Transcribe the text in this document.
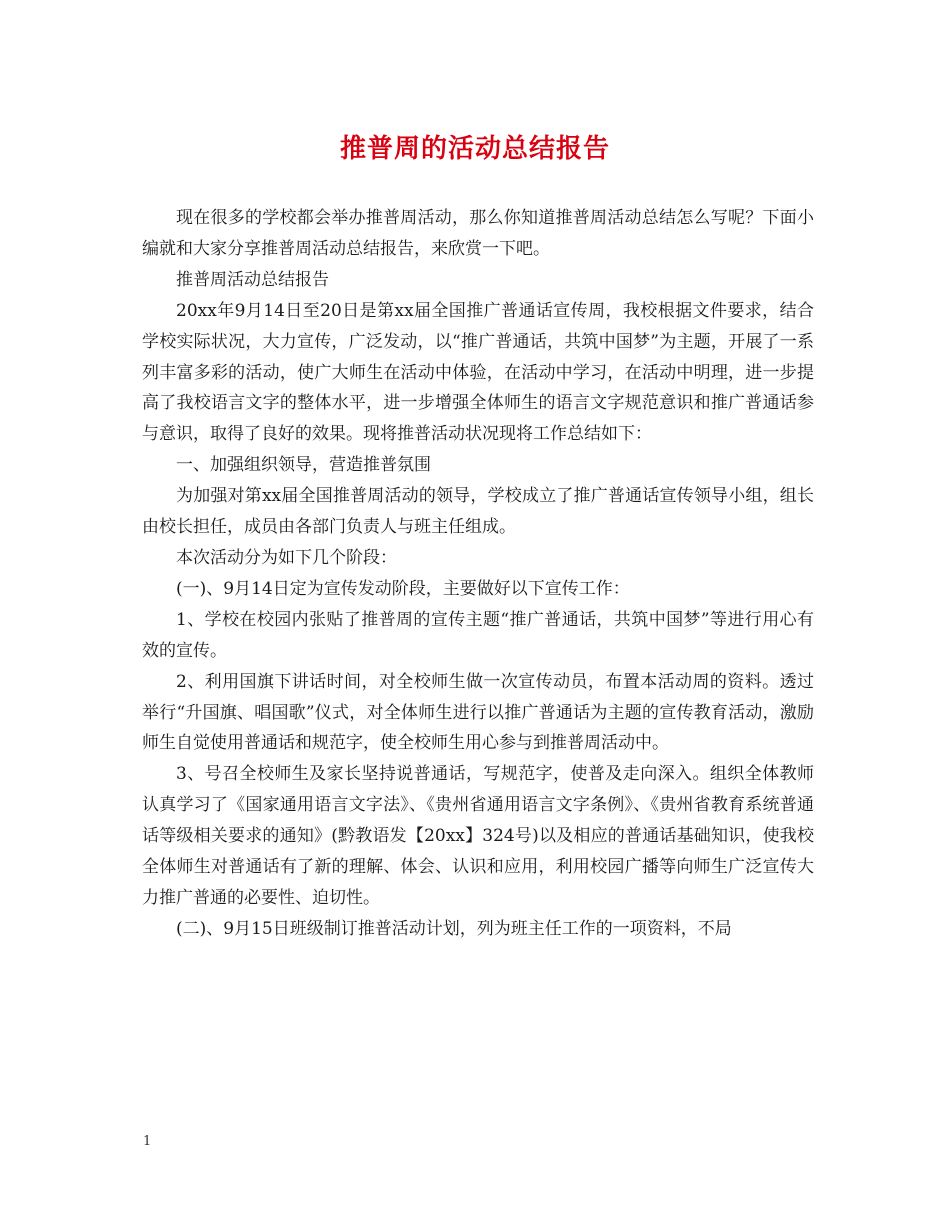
推普周的活动总结报告

现在很多的学校都会举办推普周活动，那么你知道推普周活动总结怎么写呢？下面小编就和大家分享推普周活动总结报告，来欣赏一下吧。

推普周活动总结报告

20xx年9月14日至20日是第xx届全国推广普通话宣传周，我校根据文件要求，结合学校实际状况，大力宣传，广泛发动，以“推广普通话，共筑中国梦”为主题，开展了一系列丰富多彩的活动，使广大师生在活动中体验，在活动中学习，在活动中明理，进一步提高了我校语言文字的整体水平，进一步增强全体师生的语言文字规范意识和推广普通话参与意识，取得了良好的效果。现将推普活动状况现将工作总结如下：

一、加强组织领导，营造推普氛围

为加强对第xx届全国推普周活动的领导，学校成立了推广普通话宣传领导小组，组长由校长担任，成员由各部门负责人与班主任组成。

本次活动分为如下几个阶段：

(一)、9月14日定为宣传发动阶段，主要做好以下宣传工作：

1、学校在校园内张贴了推普周的宣传主题“推广普通话，共筑中国梦”等进行用心有效的宣传。

2、利用国旗下讲话时间，对全校师生做一次宣传动员，布置本活动周的资料。透过举行“升国旗、唱国歌”仪式，对全体师生进行以推广普通话为主题的宣传教育活动，激励师生自觉使用普通话和规范字，使全校师生用心参与到推普周活动中。

3、号召全校师生及家长坚持说普通话，写规范字，使普及走向深入。组织全体教师认真学习了《国家通用语言文字法》、《贵州省通用语言文字条例》、《贵州省教育系统普通话等级相关要求的通知》(黔教语发【20xx】324号)以及相应的普通话基础知识，使我校全体师生对普通话有了新的理解、体会、认识和应用，利用校园广播等向师生广泛宣传大力推广普通的必要性、迫切性。

(二)、9月15日班级制订推普活动计划，列为班主任工作的一项资料，不局

1
